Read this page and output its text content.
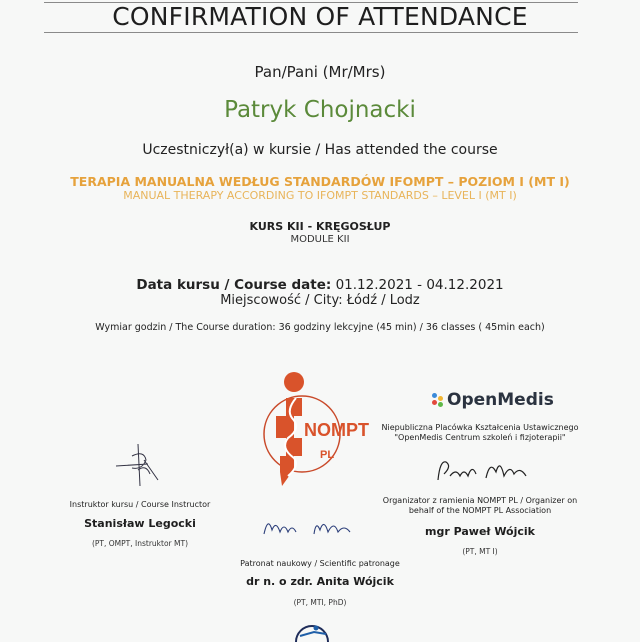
CONFIRMATION OF ATTENDANCE
Pan/Pani (Mr/Mrs)
Patryk Chojnacki
Uczestniczył(a) w kursie / Has attended the course
TERAPIA MANUALNA WEDŁUG STANDARDÓW IFOMPT – POZIOM I (MT I)
MANUAL THERAPY ACCORDING TO IFOMPT STANDARDS – LEVEL I (MT I)
KURS KII - KRĘGOSŁUP
MODULE KII
Data kursu / Course date: 01.12.2021 - 04.12.2021
Miejscowość / City: Łódź / Lodz
Wymiar godzin / The Course duration: 36 godziny lekcyjne (45 min) / 36 classes ( 45min each)
NOMPT
PL
OpenMedis
Niepubliczna Placówka Kształcenia Ustawicznego
"OpenMedis Centrum szkoleń i fizjoterapii"
Organizator z ramienia NOMPT PL / Organizer on
behalf of the NOMPT PL Association
mgr Paweł Wójcik
(PT, MT I)
Instruktor kursu / Course Instructor
Stanisław Legocki
(PT, OMPT, Instruktor MT)
Patronat naukowy / Scientific patronage
dr n. o zdr. Anita Wójcik
(PT, MTI, PhD)
